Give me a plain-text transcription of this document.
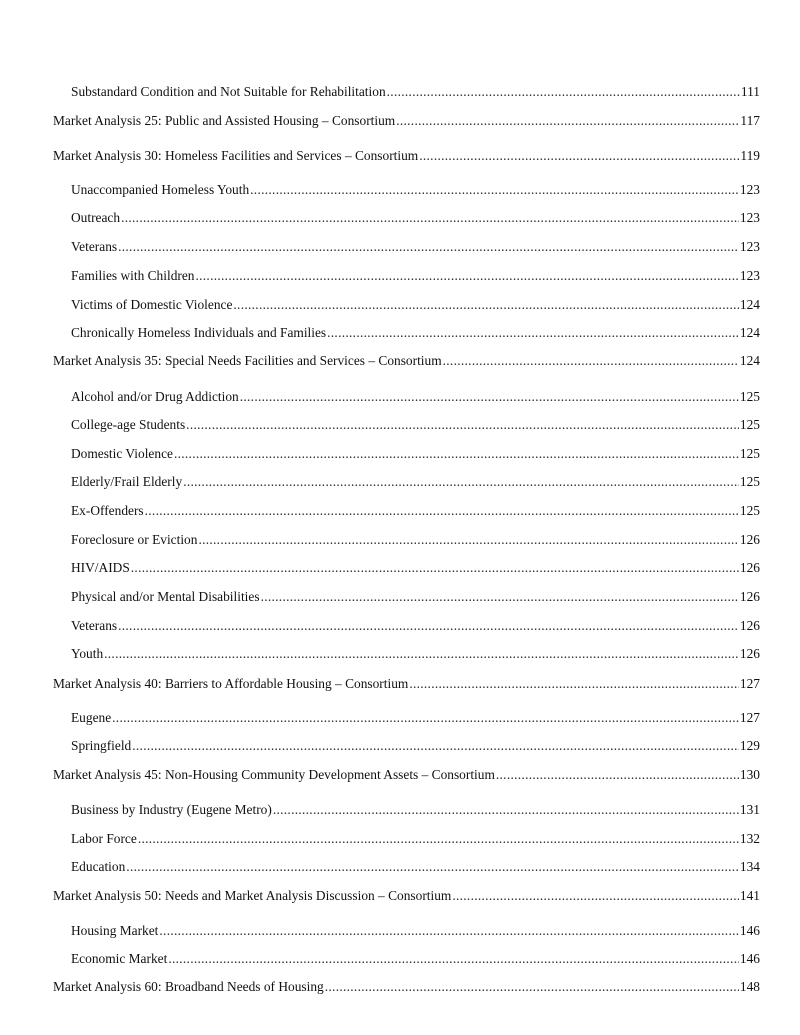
Substandard Condition and Not Suitable for Rehabilitation .....	111
Market Analysis 25: Public and Assisted Housing – Consortium .....	117
Market Analysis 30: Homeless Facilities and Services – Consortium .....	119
Unaccompanied Homeless Youth .....	123
Outreach .....	123
Veterans .....	123
Families with Children .....	123
Victims of Domestic Violence .....	124
Chronically Homeless Individuals and Families .....	124
Market Analysis 35: Special Needs Facilities and Services – Consortium .....	124
Alcohol and/or Drug Addiction .....	125
College-age Students .....	125
Domestic Violence .....	125
Elderly/Frail Elderly .....	125
Ex-Offenders .....	125
Foreclosure or Eviction .....	126
HIV/AIDS .....	126
Physical and/or Mental Disabilities .....	126
Veterans .....	126
Youth .....	126
Market Analysis 40: Barriers to Affordable Housing – Consortium .....	127
Eugene .....	127
Springfield .....	129
Market Analysis 45: Non-Housing Community Development Assets – Consortium .....	130
Business by Industry (Eugene Metro) .....	131
Labor Force .....	132
Education .....	134
Market Analysis 50: Needs and Market Analysis Discussion – Consortium .....	141
Housing Market .....	146
Economic Market .....	146
Market Analysis 60: Broadband Needs of Housing .....	148
